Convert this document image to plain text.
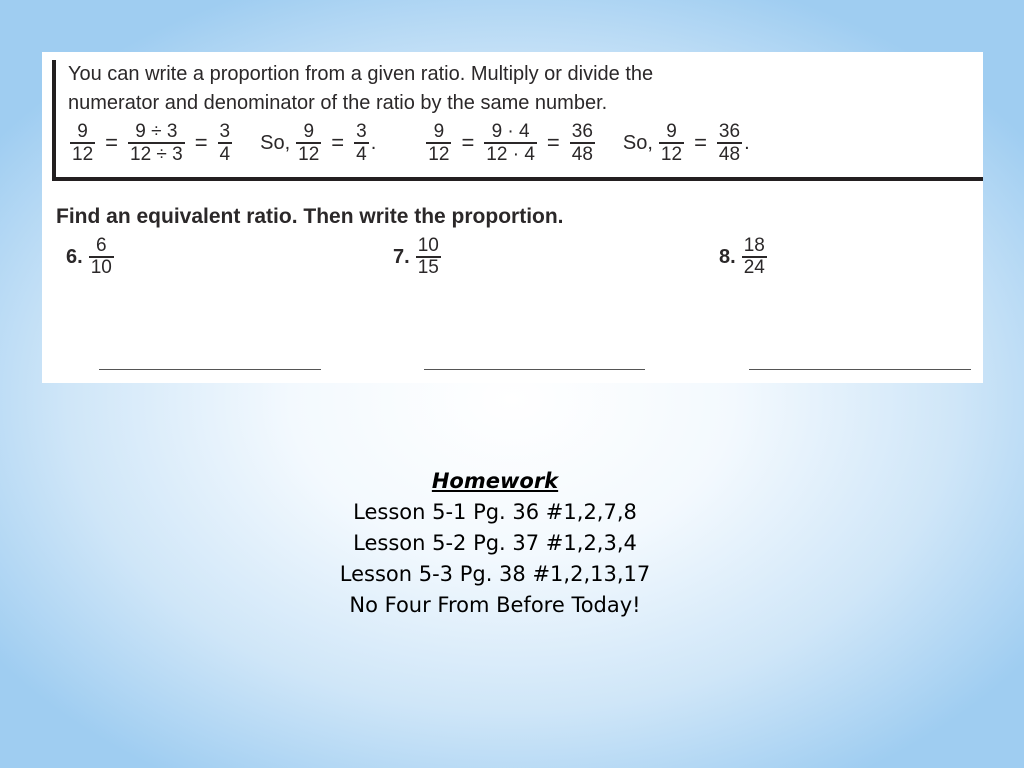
You can write a proportion from a given ratio. Multiply or divide the
numerator and denominator of the ratio by the same number.
$\frac{9}{12} = \frac{9 \div 3}{12 \div 3} = \frac{3}{4} So$, $\frac{9}{12} = \frac{3}{4}$ .	$\frac{9}{12} = \frac{9 \cdot 4}{12 \cdot 4} = \frac{36}{48} So$, $\frac{9}{12} = \frac{36}{48}$ .
Find an equivalent ratio. Then write the proportion.
6. $\frac{6}{10}$	7. $\frac{10}{15}$	8. $\frac{18}{24}$
Homework
Lesson 5-1 Pg. 36 #1,2,7,8
Lesson 5-2 Pg. 37 #1,2,3,4
Lesson 5-3 Pg. 38 #1,2,13,17
No Four From Before Today!
